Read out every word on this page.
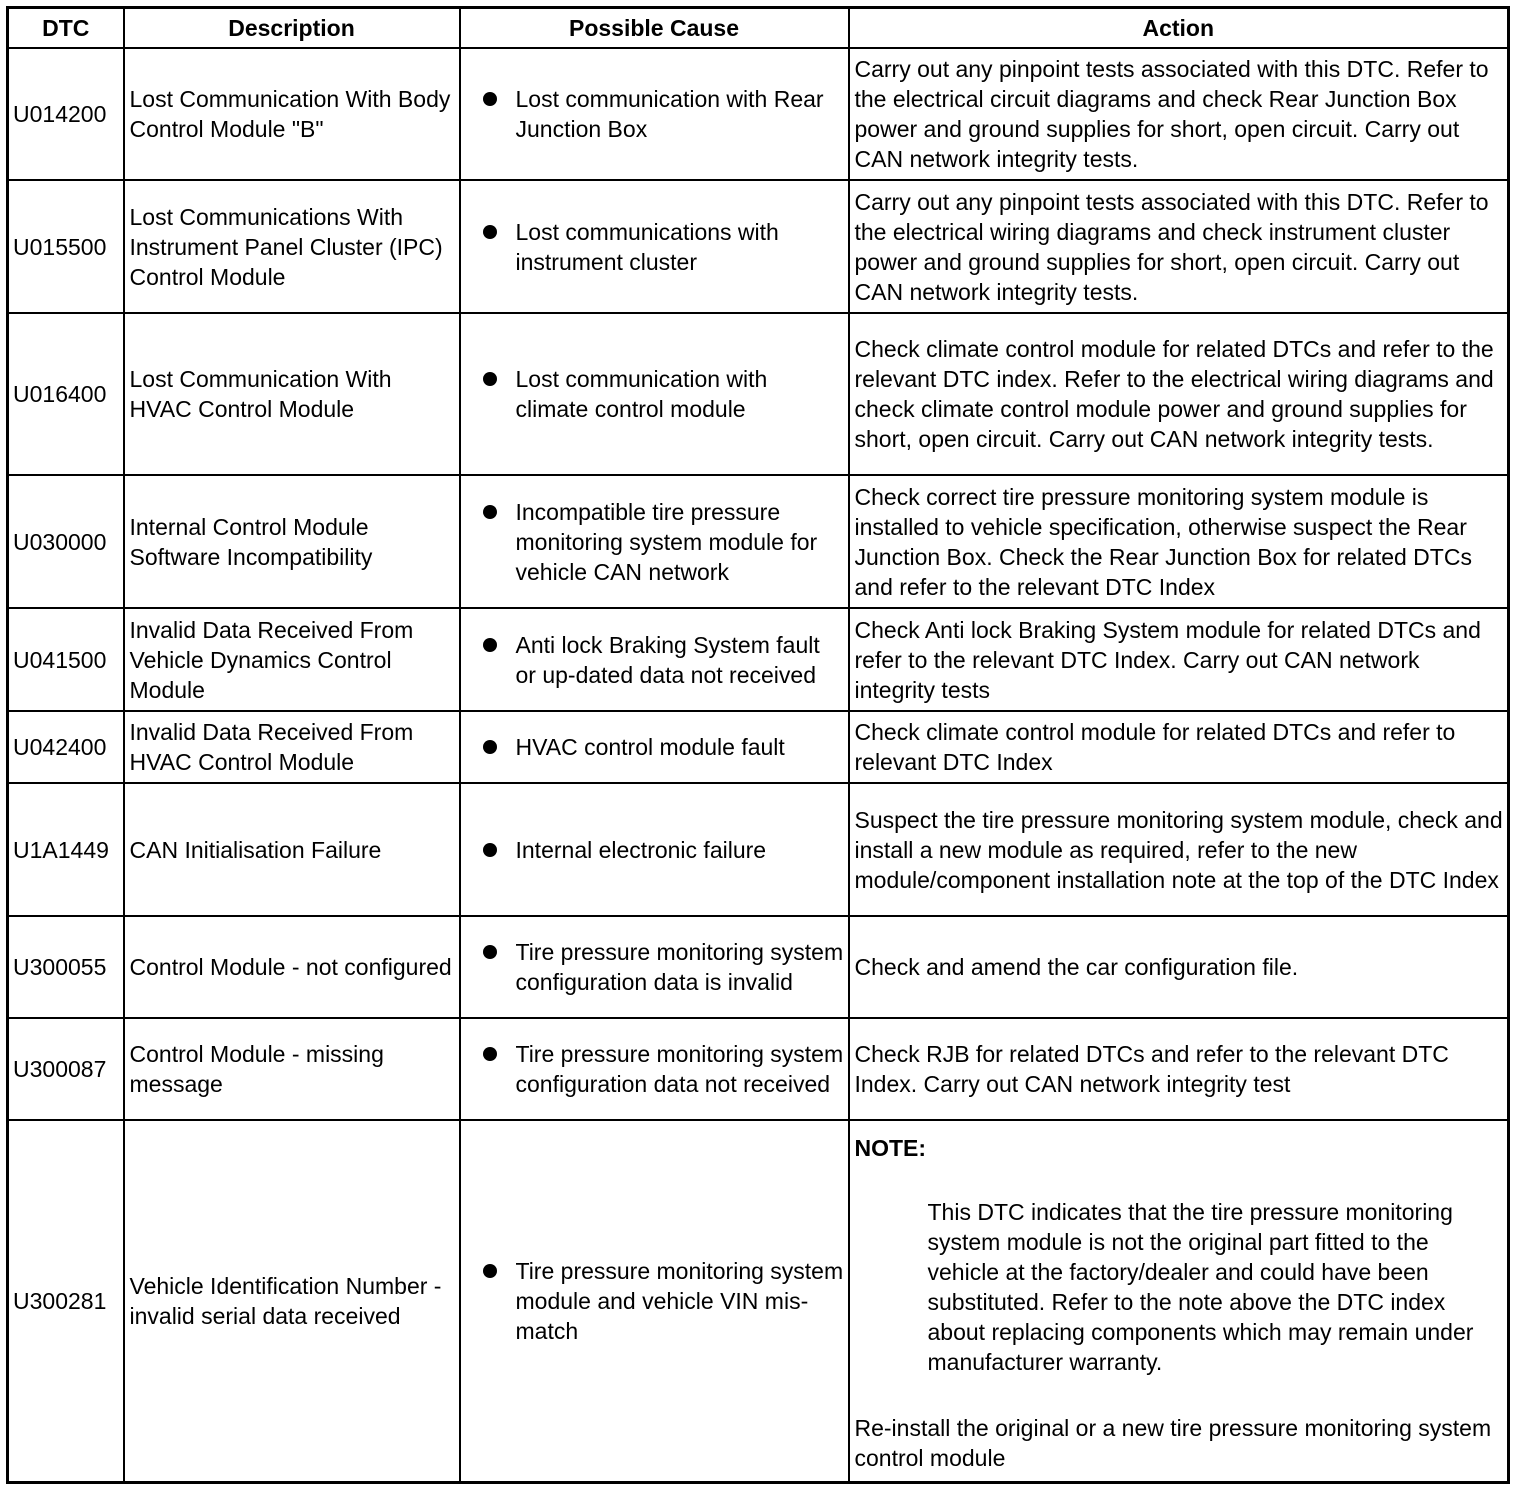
DTC	Description	Possible Cause	Action
U014200	Lost Communication With Body Control Module "B"	Lost communication with Rear Junction Box	Carry out any pinpoint tests associated with this DTC. Refer to the electrical circuit diagrams and check Rear Junction Box power and ground supplies for short, open circuit. Carry out CAN network integrity tests.
U015500	Lost Communications With Instrument Panel Cluster (IPC) Control Module	Lost communications with instrument cluster	Carry out any pinpoint tests associated with this DTC. Refer to the electrical wiring diagrams and check instrument cluster power and ground supplies for short, open circuit. Carry out CAN network integrity tests.
U016400	Lost Communication With HVAC Control Module	Lost communication with climate control module	Check climate control module for related DTCs and refer to the relevant DTC index. Refer to the electrical wiring diagrams and check climate control module power and ground supplies for short, open circuit. Carry out CAN network integrity tests.
U030000	Internal Control Module Software Incompatibility	Incompatible tire pressure monitoring system module for vehicle CAN network	Check correct tire pressure monitoring system module is installed to vehicle specification, otherwise suspect the Rear Junction Box. Check the Rear Junction Box for related DTCs and refer to the relevant DTC Index
U041500	Invalid Data Received From Vehicle Dynamics Control Module	Anti lock Braking System fault or up-dated data not received	Check Anti lock Braking System module for related DTCs and refer to the relevant DTC Index. Carry out CAN network integrity tests
U042400	Invalid Data Received From HVAC Control Module	HVAC control module fault	Check climate control module for related DTCs and refer to relevant DTC Index
U1A1449	CAN Initialisation Failure	Internal electronic failure	Suspect the tire pressure monitoring system module, check and install a new module as required, refer to the new module/component installation note at the top of the DTC Index
U300055	Control Module - not configured	Tire pressure monitoring system configuration data is invalid	Check and amend the car configuration file.
U300087	Control Module - missing message	Tire pressure monitoring system configuration data not received	Check RJB for related DTCs and refer to the relevant DTC Index. Carry out CAN network integrity test
U300281	Vehicle Identification Number - invalid serial data received	Tire pressure monitoring system module and vehicle VIN mis-match	NOTE:
This DTC indicates that the tire pressure monitoring system module is not the original part fitted to the vehicle at the factory/dealer and could have been substituted. Refer to the note above the DTC index about replacing components which may remain under manufacturer warranty.
Re-install the original or a new tire pressure monitoring system control module
